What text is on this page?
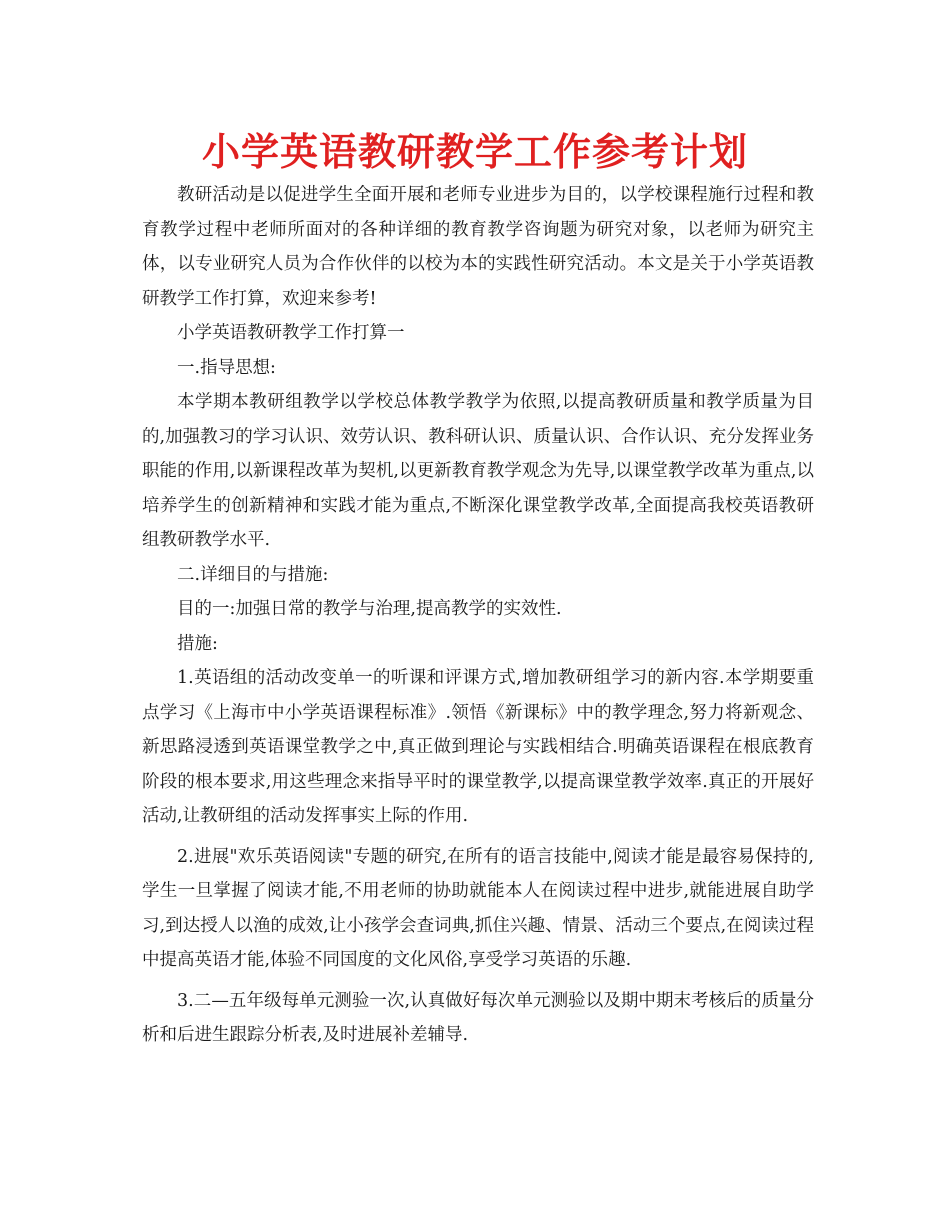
小学英语教研教学工作参考计划

教研活动是以促进学生全面开展和老师专业进步为目的，以学校课程施行过程和教育教学过程中老师所面对的各种详细的教育教学咨询题为研究对象，以老师为研究主体，以专业研究人员为合作伙伴的以校为本的实践性研究活动。本文是关于小学英语教研教学工作打算，欢迎来参考!

小学英语教研教学工作打算一

一.指导思想:

本学期本教研组教学以学校总体教学教学为依照,以提高教研质量和教学质量为目的,加强教习的学习认识、效劳认识、教科研认识、质量认识、合作认识、充分发挥业务职能的作用,以新课程改革为契机,以更新教育教学观念为先导,以课堂教学改革为重点,以培养学生的创新精神和实践才能为重点,不断深化课堂教学改革,全面提高我校英语教研组教研教学水平.

二.详细目的与措施:

目的一:加强日常的教学与治理,提高教学的实效性.

措施:

1.英语组的活动改变单一的听课和评课方式,增加教研组学习的新内容.本学期要重点学习《上海市中小学英语课程标准》.领悟《新课标》中的教学理念,努力将新观念、新思路浸透到英语课堂教学之中,真正做到理论与实践相结合.明确英语课程在根底教育阶段的根本要求,用这些理念来指导平时的课堂教学,以提高课堂教学效率.真正的开展好活动,让教研组的活动发挥事实上际的作用.

2.进展"欢乐英语阅读"专题的研究,在所有的语言技能中,阅读才能是最容易保持的,学生一旦掌握了阅读才能,不用老师的协助就能本人在阅读过程中进步,就能进展自助学习,到达授人以渔的成效,让小孩学会查词典,抓住兴趣、情景、活动三个要点,在阅读过程中提高英语才能,体验不同国度的文化风俗,享受学习英语的乐趣.

3.二—五年级每单元测验一次,认真做好每次单元测验以及期中期末考核后的质量分析和后进生跟踪分析表,及时进展补差辅导.
